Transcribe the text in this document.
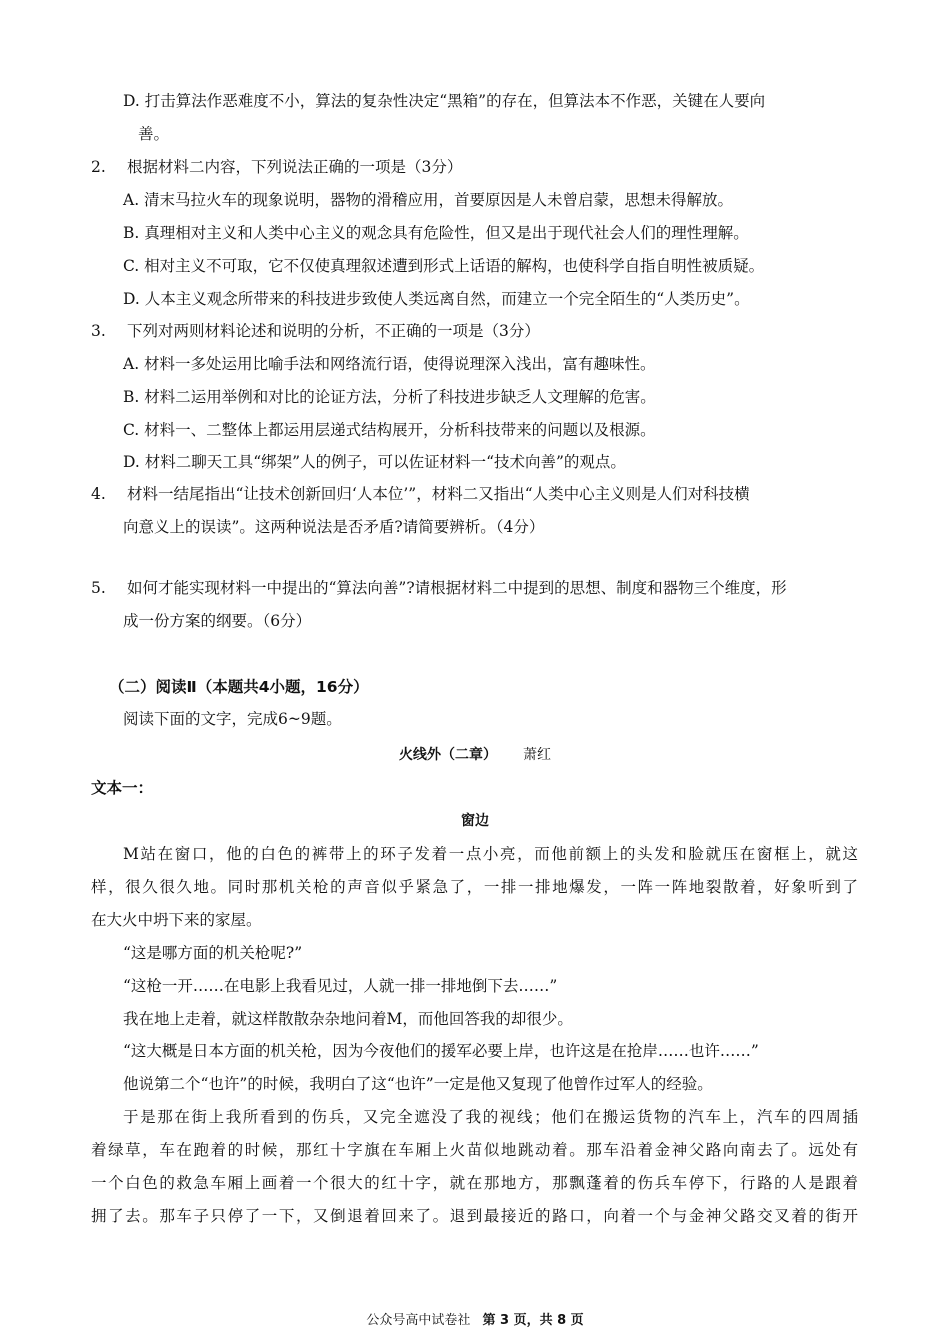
D. 打击算法作恶难度不小，算法的复杂性决定“黑箱”的存在，但算法本不作恶，关键在人要向
善。
2. 根据材料二内容，下列说法正确的一项是（3分）
A. 清末马拉火车的现象说明，器物的滑稽应用，首要原因是人未曾启蒙，思想未得解放。
B. 真理相对主义和人类中心主义的观念具有危险性，但又是出于现代社会人们的理性理解。
C. 相对主义不可取，它不仅使真理叙述遭到形式上话语的解构，也使科学自指自明性被质疑。
D. 人本主义观念所带来的科技进步致使人类远离自然，而建立一个完全陌生的“人类历史”。
3. 下列对两则材料论述和说明的分析，不正确的一项是（3分）
A. 材料一多处运用比喻手法和网络流行语，使得说理深入浅出，富有趣味性。
B. 材料二运用举例和对比的论证方法，分析了科技进步缺乏人文理解的危害。
C. 材料一、二整体上都运用层递式结构展开，分析科技带来的问题以及根源。
D. 材料二聊天工具“绑架”人的例子，可以佐证材料一“技术向善”的观点。
4. 材料一结尾指出“让技术创新回归‘人本位’”，材料二又指出“人类中心主义则是人们对科技横
向意义上的误读”。这两种说法是否矛盾?请简要辨析。（4分）
5. 如何才能实现材料一中提出的“算法向善”?请根据材料二中提到的思想、制度和器物三个维度，形
成一份方案的纲要。（6分）
（二）阅读Ⅱ（本题共4小题，16分）
阅读下面的文字，完成6~9题。
火线外（二章） 萧红
文本一：
窗边
M站在窗口，他的白色的裤带上的环子发着一点小亮，而他前额上的头发和脸就压在窗框上，就这
样，很久很久地。同时那机关枪的声音似乎紧急了，一排一排地爆发，一阵一阵地裂散着，好象听到了
在大火中坍下来的家屋。
“这是哪方面的机关枪呢?”
“这枪一开……在电影上我看见过，人就一排一排地倒下去……”
我在地上走着，就这样散散杂杂地问着M，而他回答我的却很少。
“这大概是日本方面的机关枪，因为今夜他们的援军必要上岸，也许这是在抢岸……也许……”
他说第二个“也许”的时候，我明白了这“也许”一定是他又复现了他曾作过军人的经验。
于是那在街上我所看到的伤兵，又完全遮没了我的视线；他们在搬运货物的汽车上，汽车的四周插
着绿草，车在跑着的时候，那红十字旗在车厢上火苗似地跳动着。那车沿着金神父路向南去了。远处有
一个白色的救急车厢上画着一个很大的红十字，就在那地方，那飘蓬着的伤兵车停下，行路的人是跟着
拥了去。那车子只停了一下，又倒退着回来了。退到最接近的路口，向着一个与金神父路交叉着的街开
公众号高中试卷社 第 3 页，共 8 页
